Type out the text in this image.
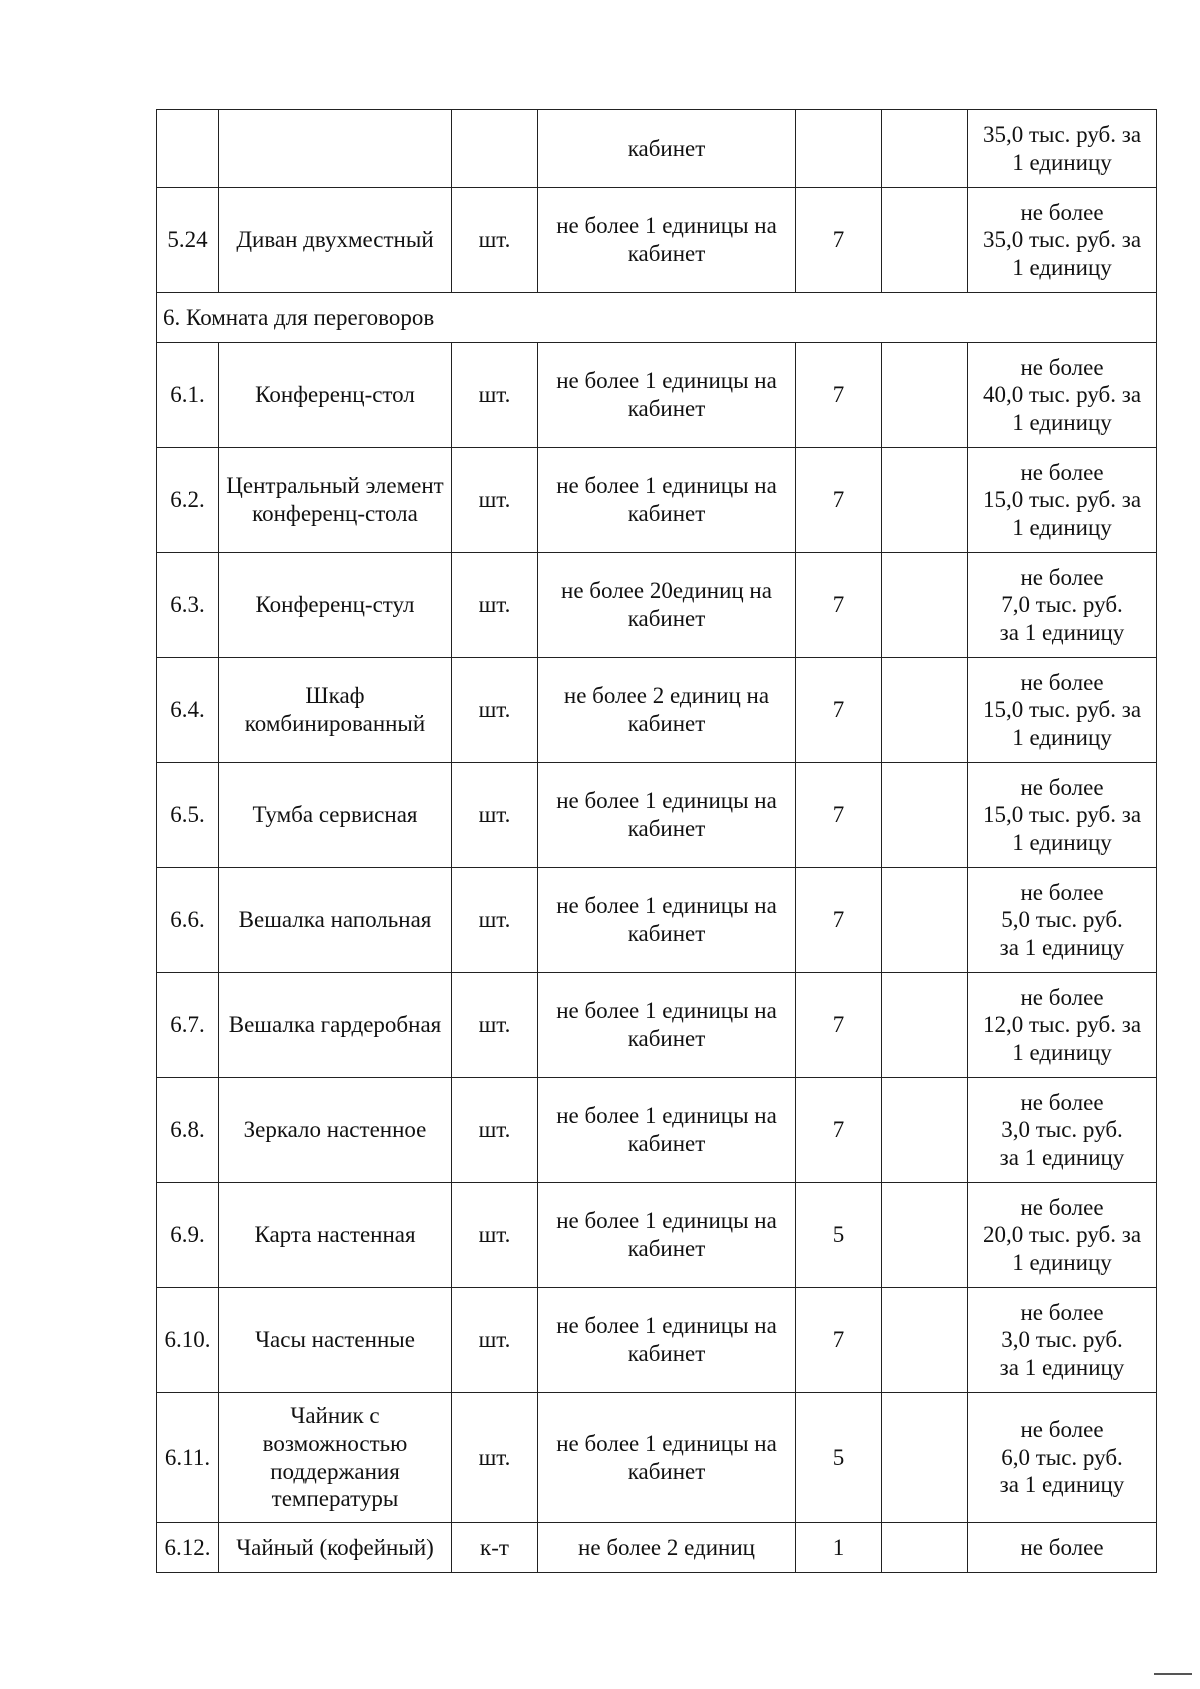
			кабинет			35,0 тыс. руб. за
1 единицу

5.24	Диван двухместный	шт.	не более 1 единицы на кабинет	7		не более
35,0 тыс. руб. за
1 единицу

6. Комната для переговоров						
6.1.	Конференц-стол	шт.	не более 1 единицы на кабинет	7		не более
40,0 тыс. руб. за
1 единицу

6.2.	Центральный элемент конференц-стола	шт.	не более 1 единицы на кабинет	7		не более
15,0 тыс. руб. за
1 единицу

6.3.	Конференц-стул	шт.	не более 20единиц на кабинет	7		не более
7,0 тыс. руб.
за 1 единицу

6.4.	Шкаф комбинированный	шт.	не более 2 единиц на кабинет	7		не более
15,0 тыс. руб. за
1 единицу

6.5.	Тумба сервисная	шт.	не более 1 единицы на кабинет	7		не более
15,0 тыс. руб. за
1 единицу

6.6.	Вешалка напольная	шт.	не более 1 единицы на кабинет	7		не более
5,0 тыс. руб.
за 1 единицу

6.7.	Вешалка гардеробная	шт.	не более 1 единицы на кабинет	7		не более
12,0 тыс. руб. за
1 единицу

6.8.	Зеркало настенное	шт.	не более 1 единицы на кабинет	7		не более
3,0 тыс. руб.
за 1 единицу

6.9.	Карта настенная	шт.	не более 1 единицы на кабинет	5		не более
20,0 тыс. руб. за
1 единицу

6.10.	Часы настенные	шт.	не более 1 единицы на кабинет	7		не более
3,0 тыс. руб.
за 1 единицу

6.11.	Чайник с возможностью поддержания температуры	шт.	не более 1 единицы на кабинет	5		не более
6,0 тыс. руб.
за 1 единицу

6.12.	Чайный (кофейный)	к-т	не более 2 единиц	1		не более
